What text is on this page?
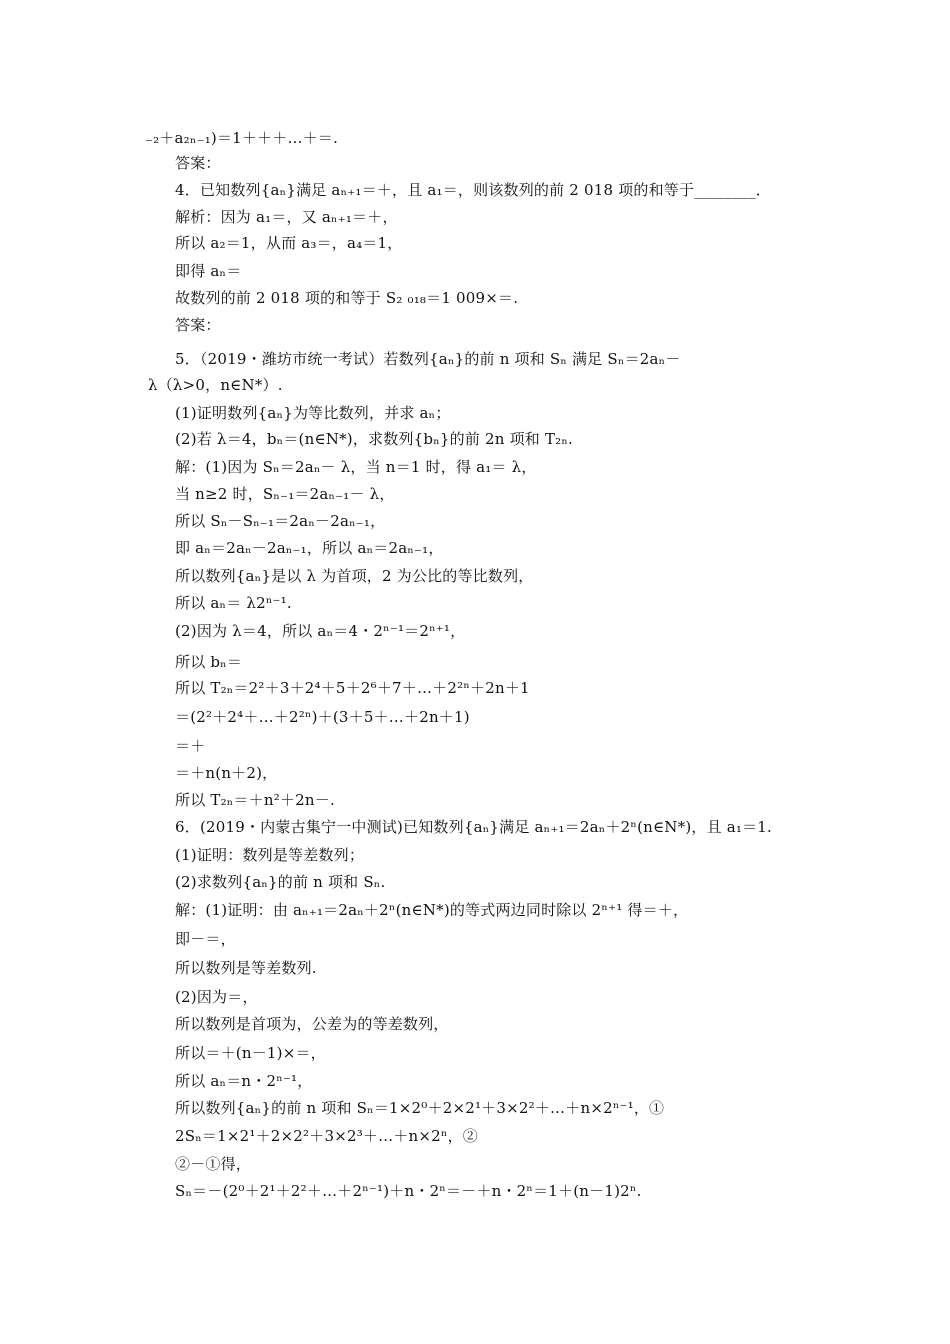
₋₂＋a₂ₙ₋₁)＝1＋＋＋…＋＝.
答案：
4．已知数列{aₙ}满足 aₙ₊₁＝＋，且 a₁＝，则该数列的前 2 018 项的和等于________．
解析：因为 a₁＝，又 aₙ₊₁＝＋，
所以 a₂＝1，从而 a₃＝，a₄＝1，
即得 aₙ＝
故数列的前 2 018 项的和等于 S₂ ₀₁₈＝1 009×＝.
答案：
5．（2019・潍坊市统一考试）若数列{aₙ}的前 n 项和 Sₙ 满足 Sₙ＝2aₙ－
λ（λ>0，n∈N*）.
(1)证明数列{aₙ}为等比数列，并求 aₙ；
(2)若 λ＝4，bₙ＝(n∈N*)，求数列{bₙ}的前 2n 项和 T₂ₙ.
解：(1)因为 Sₙ＝2aₙ－ λ，当 n＝1 时，得 a₁＝ λ，
当 n≥2 时，Sₙ₋₁＝2aₙ₋₁－ λ，
所以 Sₙ－Sₙ₋₁＝2aₙ－2aₙ₋₁，
即 aₙ＝2aₙ－2aₙ₋₁，所以 aₙ＝2aₙ₋₁，
所以数列{aₙ}是以 λ 为首项，2 为公比的等比数列，
所以 aₙ＝ λ2ⁿ⁻¹.
(2)因为 λ＝4，所以 aₙ＝4・2ⁿ⁻¹＝2ⁿ⁺¹，
所以 bₙ＝
所以 T₂ₙ＝2²＋3＋2⁴＋5＋2⁶＋7＋…＋2²ⁿ＋2n＋1
＝(2²＋2⁴＋…＋2²ⁿ)＋(3＋5＋…＋2n＋1)
＝＋
＝＋n(n＋2)，
所以 T₂ₙ＝＋n²＋2n－.
6．(2019・内蒙古集宁一中测试)已知数列{aₙ}满足 aₙ₊₁＝2aₙ＋2ⁿ(n∈N*)，且 a₁＝1.
(1)证明：数列是等差数列；
(2)求数列{aₙ}的前 n 项和 Sₙ.
解：(1)证明：由 aₙ₊₁＝2aₙ＋2ⁿ(n∈N*)的等式两边同时除以 2ⁿ⁺¹ 得＝＋，
即－＝，
所以数列是等差数列.
(2)因为＝，
所以数列是首项为，公差为的等差数列，
所以＝＋(n－1)×＝，
所以 aₙ＝n・2ⁿ⁻¹，
所以数列{aₙ}的前 n 项和 Sₙ＝1×2⁰＋2×2¹＋3×2²＋…＋n×2ⁿ⁻¹，①
2Sₙ＝1×2¹＋2×2²＋3×2³＋…＋n×2ⁿ，②
②－①得，
Sₙ＝－(2⁰＋2¹＋2²＋…＋2ⁿ⁻¹)＋n・2ⁿ＝－＋n・2ⁿ＝1＋(n－1)2ⁿ.
